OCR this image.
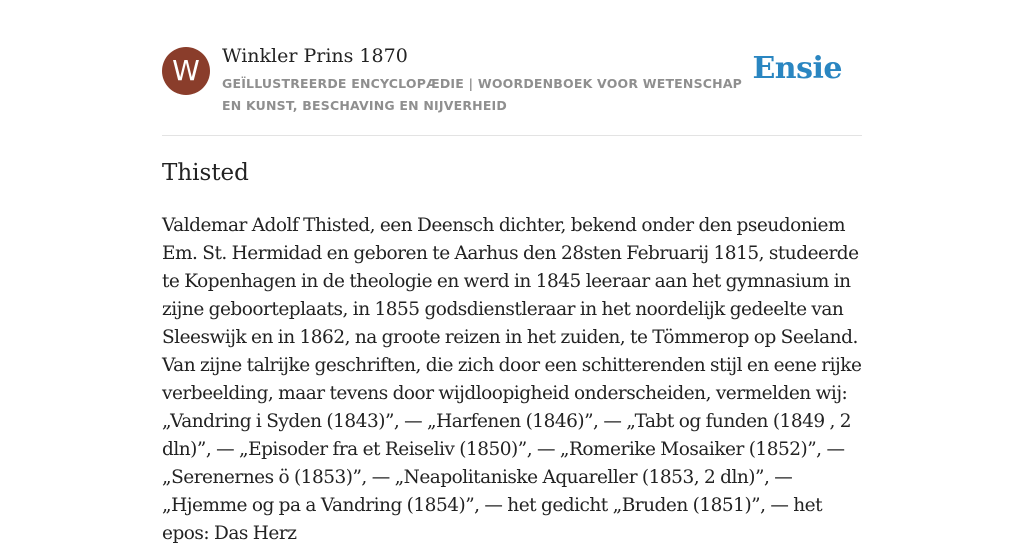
W	Winkler Prins 1870
GEÏLLUSTREERDE ENCYCLOPÆDIE | WOORDENBOEK VOOR WETENSCHAP EN KUNST, BESCHAVING EN NIJVERHEID
Ensie
Thisted

Valdemar Adolf Thisted, een Deensch dichter, bekend onder den pseudoniem Em. St. Hermidad en geboren te Aarhus den 28sten Februarij 1815, studeerde te Kopenhagen in de theologie en werd in 1845 leeraar aan het gymnasium in zijne geboorteplaats, in 1855 godsdienstleraar in het noordelijk gedeelte van Sleeswijk en in 1862, na groote reizen in het zuiden, te Tömmerop op Seeland. Van zijne talrijke geschriften, die zich door een schitterenden stijl en eene rijke verbeelding, maar tevens door wijdloopigheid onderscheiden, vermelden wij: „Vandring i Syden (1843)”, — „Harfenen (1846)”, — „Tabt og funden (1849 , 2 dln)”, — „Episoder fra et Reiseliv (1850)”, — „Romerike Mosaiker (1852)”, — „Serenernes ö (1853)”, — „Neapolitaniske Aquareller (1853, 2 dln)”, — „Hjemme og pa a Vandring (1854)”, — het gedicht „Bruden (1851)”, — het epos: Das Herz
